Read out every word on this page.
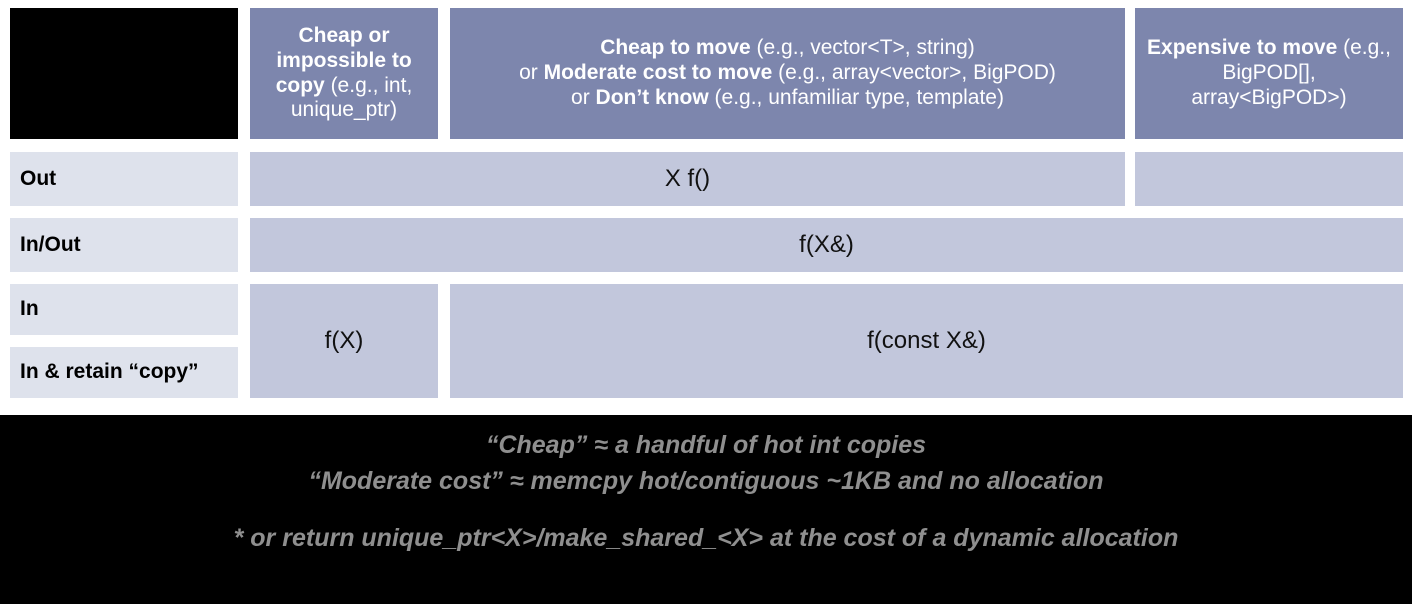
Cheap or impossible to copy (e.g., int, unique_ptr)
Cheap to move (e.g., vector<T>, string)
or Moderate cost to move (e.g., array<vector>, BigPOD)
or Don’t know (e.g., unfamiliar type, template)
Expensive to move (e.g., BigPOD[], array<BigPOD>)
Out
In/Out
In
In & retain “copy”
X f()
f(X&)
f(X)	f(const X&)
“Cheap” ≈ a handful of hot int copies
“Moderate cost” ≈ memcpy hot/contiguous ~1KB and no allocation
* or return unique_ptr<X>/make_shared_<X> at the cost of a dynamic allocation
